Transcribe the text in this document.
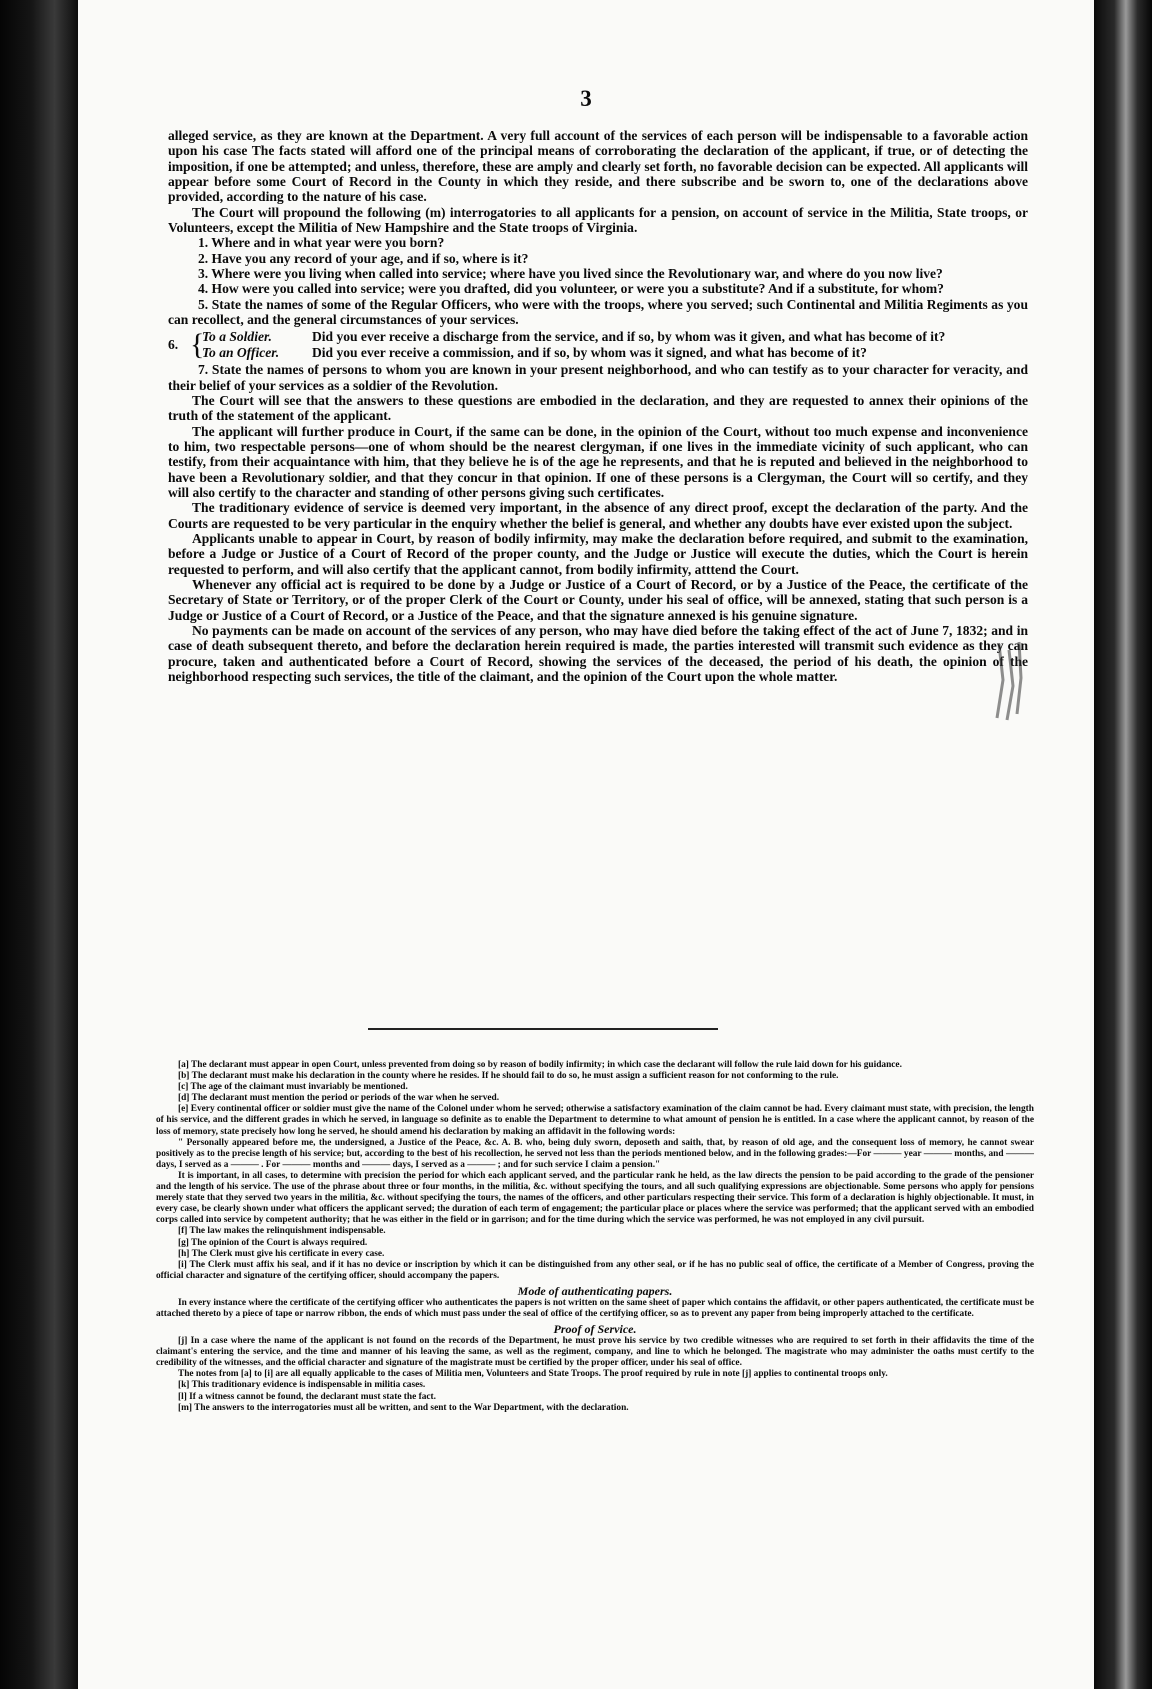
3

alleged service, as they are known at the Department. A very full account of the services of each person will be indispensable to a favorable action upon his case The facts stated will afford one of the principal means of corroborating the declaration of the applicant, if true, or of detecting the imposition, if one be attempted; and unless, therefore, these are amply and clearly set forth, no favorable decision can be expected. All applicants will appear before some Court of Record in the County in which they reside, and there subscribe and be sworn to, one of the declarations above provided, according to the nature of his case.

The Court will propound the following (m) interrogatories to all applicants for a pension, on account of service in the Militia, State troops, or Volunteers, except the Militia of New Hampshire and the State troops of Virginia.

1. Where and in what year were you born?

2. Have you any record of your age, and if so, where is it?

3. Where were you living when called into service; where have you lived since the Revolutionary war, and where do you now live?

4. How were you called into service; were you drafted, did you volunteer, or were you a substitute? And if a substitute, for whom?

5. State the names of some of the Regular Officers, who were with the troops, where you served; such Continental and Militia Regiments as you can recollect, and the general circumstances of your services.

6. {
To a Soldier.	Did you ever receive a discharge from the service, and if so, by whom was it given, and what has become of it?
To an Officer.	Did you ever receive a commission, and if so, by whom was it signed, and what has become of it?

7. State the names of persons to whom you are known in your present neighborhood, and who can testify as to your character for veracity, and their belief of your services as a soldier of the Revolution.

The Court will see that the answers to these questions are embodied in the declaration, and they are requested to annex their opinions of the truth of the statement of the applicant.

The applicant will further produce in Court, if the same can be done, in the opinion of the Court, without too much expense and inconvenience to him, two respectable persons—one of whom should be the nearest clergyman, if one lives in the immediate vicinity of such applicant, who can testify, from their acquaintance with him, that they believe he is of the age he represents, and that he is reputed and believed in the neighborhood to have been a Revolutionary soldier, and that they concur in that opinion. If one of these persons is a Clergyman, the Court will so certify, and they will also certify to the character and standing of other persons giving such certificates.

The traditionary evidence of service is deemed very important, in the absence of any direct proof, except the declaration of the party. And the Courts are requested to be very particular in the enquiry whether the belief is general, and whether any doubts have ever existed upon the subject.

Applicants unable to appear in Court, by reason of bodily infirmity, may make the declaration before required, and submit to the examination, before a Judge or Justice of a Court of Record of the proper county, and the Judge or Justice will execute the duties, which the Court is herein requested to perform, and will also certify that the applicant cannot, from bodily infirmity, atttend the Court.

Whenever any official act is required to be done by a Judge or Justice of a Court of Record, or by a Justice of the Peace, the certificate of the Secretary of State or Territory, or of the proper Clerk of the Court or County, under his seal of office, will be annexed, stating that such person is a Judge or Justice of a Court of Record, or a Justice of the Peace, and that the signature annexed is his genuine signature.

No payments can be made on account of the services of any person, who may have died before the taking effect of the act of June 7, 1832; and in case of death subsequent thereto, and before the declaration herein required is made, the parties interested will transmit such evidence as they can procure, taken and authenticated before a Court of Record, showing the services of the deceased, the period of his death, the opinion of the neighborhood respecting such services, the title of the claimant, and the opinion of the Court upon the whole matter.

[a] The declarant must appear in open Court, unless prevented from doing so by reason of bodily infirmity; in which case the declarant will follow the rule laid down for his guidance.

[b] The declarant must make his declaration in the county where he resides. If he should fail to do so, he must assign a sufficient reason for not conforming to the rule.

[c] The age of the claimant must invariably be mentioned.

[d] The declarant must mention the period or periods of the war when he served.

[e] Every continental officer or soldier must give the name of the Colonel under whom he served; otherwise a satisfactory examination of the claim cannot be had. Every claimant must state, with precision, the length of his service, and the different grades in which he served, in language so definite as to enable the Department to determine to what amount of pension he is entitled. In a case where the applicant cannot, by reason of the loss of memory, state precisely how long he served, he should amend his declaration by making an affidavit in the following words:

" Personally appeared before me, the undersigned, a Justice of the Peace, &c. A. B. who, being duly sworn, deposeth and saith, that, by reason of old age, and the consequent loss of memory, he cannot swear positively as to the precise length of his service; but, according to the best of his recollection, he served not less than the periods mentioned below, and in the following grades:—For ——— year ——— months, and ——— days, I served as a ——— . For ——— months and ——— days, I served as a ——— ; and for such service I claim a pension."

It is important, in all cases, to determine with precision the period for which each applicant served, and the particular rank he held, as the law directs the pension to be paid according to the grade of the pensioner and the length of his service. The use of the phrase about three or four months, in the militia, &c. without specifying the tours, and all such qualifying expressions are objectionable. Some persons who apply for pensions merely state that they served two years in the militia, &c. without specifying the tours, the names of the officers, and other particulars respecting their service. This form of a declaration is highly objectionable. It must, in every case, be clearly shown under what officers the applicant served; the duration of each term of engagement; the particular place or places where the service was performed; that the applicant served with an embodied corps called into service by competent authority; that he was either in the field or in garrison; and for the time during which the service was performed, he was not employed in any civil pursuit.

[f] The law makes the relinquishment indispensable.

[g] The opinion of the Court is always required.

[h] The Clerk must give his certificate in every case.

[i] The Clerk must affix his seal, and if it has no device or inscription by which it can be distinguished from any other seal, or if he has no public seal of office, the certificate of a Member of Congress, proving the official character and signature of the certifying officer, should accompany the papers.

Mode of authenticating papers.

In every instance where the certificate of the certifying officer who authenticates the papers is not written on the same sheet of paper which contains the affidavit, or other papers authenticated, the certificate must be attached thereto by a piece of tape or narrow ribbon, the ends of which must pass under the seal of office of the certifying officer, so as to prevent any paper from being improperly attached to the certificate.

Proof of Service.

[j] In a case where the name of the applicant is not found on the records of the Department, he must prove his service by two credible witnesses who are required to set forth in their affidavits the time of the claimant's entering the service, and the time and manner of his leaving the same, as well as the regiment, company, and line to which he belonged. The magistrate who may administer the oaths must certify to the credibility of the witnesses, and the official character and signature of the magistrate must be certified by the proper officer, under his seal of office.

The notes from [a] to [i] are all equally applicable to the cases of Militia men, Volunteers and State Troops. The proof required by rule in note [j] applies to continental troops only.

[k] This traditionary evidence is indispensable in militia cases.

[l] If a witness cannot be found, the declarant must state the fact.

[m] The answers to the interrogatories must all be written, and sent to the War Department, with the declaration.
